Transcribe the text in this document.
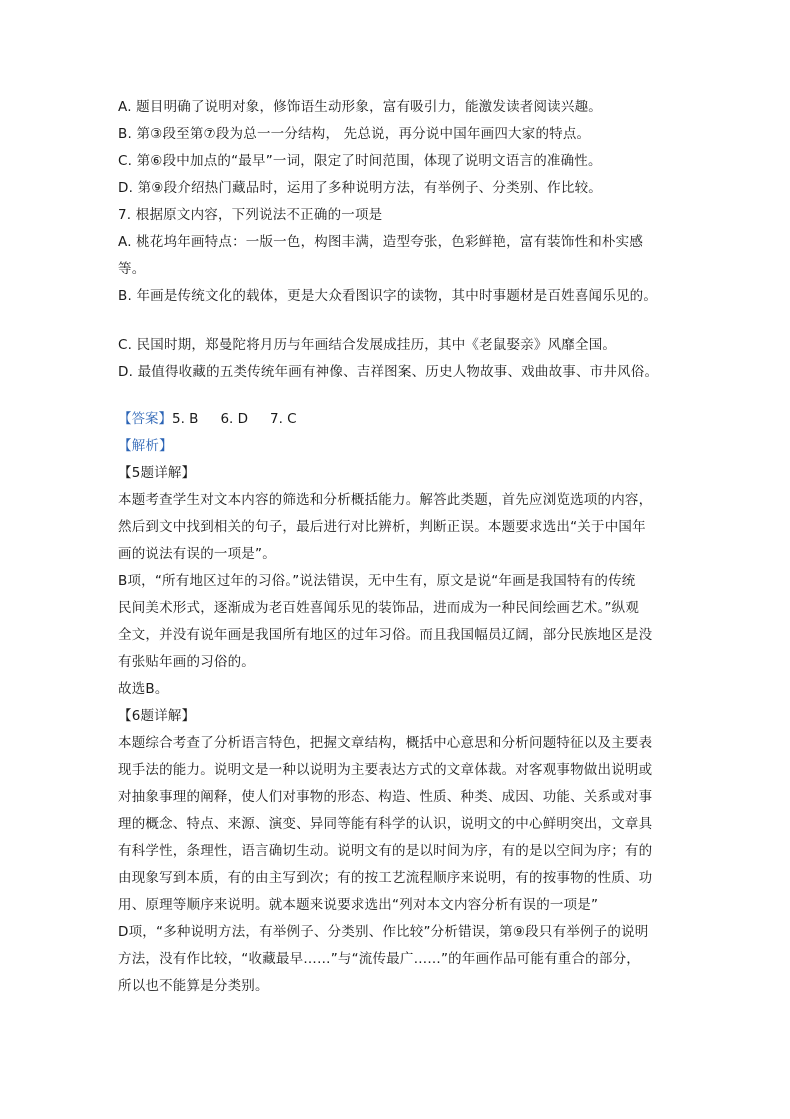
A. 题目明确了说明对象，修饰语生动形象，富有吸引力，能激发读者阅读兴趣。
B. 第③段至第⑦段为总一一分结构， 先总说，再分说中国年画四大家的特点。
C. 第⑥段中加点的“最早”一词，限定了时间范围，体现了说明文语言的准确性。
D. 第⑨段介绍热门藏品时，运用了多种说明方法，有举例子、分类别、作比较。
7. 根据原文内容，下列说法不正确的一项是
A. 桃花坞年画特点：一版一色，构图丰满，造型夸张，色彩鲜艳，富有装饰性和朴实感
等。
B. 年画是传统文化的载体，更是大众看图识字的读物，其中时事题材是百姓喜闻乐见的。
C. 民国时期，郑曼陀将月历与年画结合发展成挂历，其中《老鼠娶亲》风靡全国。
D. 最值得收藏的五类传统年画有神像、吉祥图案、历史人物故事、戏曲故事、市井风俗。
【答案】5. B 6. D 7. C
【解析】
【5题详解】
本题考查学生对文本内容的筛选和分析概括能力。解答此类题，首先应浏览选项的内容，
然后到文中找到相关的句子，最后进行对比辨析，判断正误。本题要求选出“关于中国年
画的说法有误的一项是”。
B项，“所有地区过年的习俗。”说法错误，无中生有，原文是说“年画是我国特有的传统
民间美术形式，逐渐成为老百姓喜闻乐见的装饰品，进而成为一种民间绘画艺术。”纵观
全文，并没有说年画是我国所有地区的过年习俗。而且我国幅员辽阔，部分民族地区是没
有张贴年画的习俗的。
故选B。
【6题详解】
本题综合考查了分析语言特色，把握文章结构，概括中心意思和分析问题特征以及主要表
现手法的能力。说明文是一种以说明为主要表达方式的文章体裁。对客观事物做出说明或
对抽象事理的阐释，使人们对事物的形态、构造、性质、种类、成因、功能、关系或对事
理的概念、特点、来源、演变、异同等能有科学的认识，说明文的中心鲜明突出，文章具
有科学性，条理性，语言确切生动。说明文有的是以时间为序，有的是以空间为序；有的
由现象写到本质，有的由主写到次；有的按工艺流程顺序来说明，有的按事物的性质、功
用、原理等顺序来说明。就本题来说要求选出“列对本文内容分析有误的一项是”
D项，“多种说明方法，有举例子、分类别、作比较”分析错误，第⑨段只有举例子的说明
方法，没有作比较，“收藏最早……”与“流传最广……”的年画作品可能有重合的部分，
所以也不能算是分类别。
